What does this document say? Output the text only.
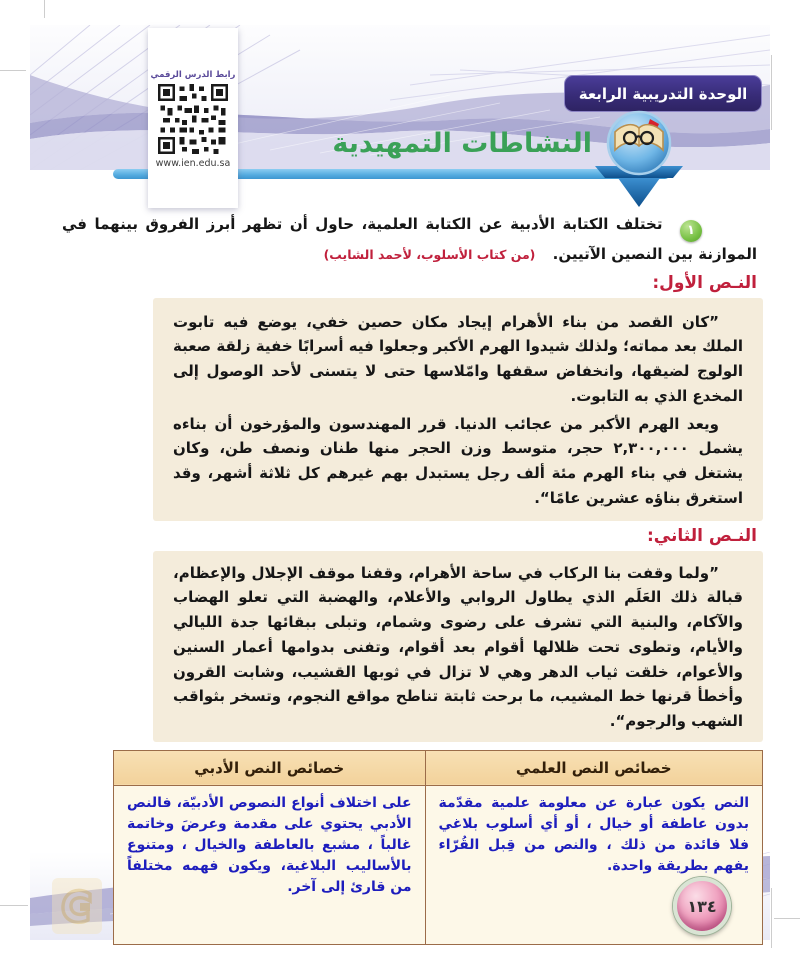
رابط الدرس الرقمي
www.ien.edu.sa
الوحدة التدريبية الرابعة
النشاطات التمهيدية
١ تختلف الكتابة الأدبية عن الكتابة العلمية، حاول أن تظهر أبرز الفروق بينهما في الموازنة بين النصين الآتيين. (من كتاب الأسلوب، لأحمد الشايب)
النـص الأول:

”كان القصد من بناء الأهرام إيجاد مكان حصين خفي، يوضع فيه تابوت الملك بعد مماته؛ ولذلك شيدوا الهرم الأكبر وجعلوا فيه أسرابًا خفية زلقة صعبة الولوج لضيقها، وانخفاض سقفها وامّلاسها حتى لا يتسنى لأحد الوصول إلى المخدع الذي به التابوت.

ويعد الهرم الأكبر من عجائب الدنيا. قرر المهندسون والمؤرخون أن بناءه يشمل ٢,٣٠٠,٠٠٠ حجر، متوسط وزن الحجر منها طنان ونصف طن، وكان يشتغل في بناء الهرم مئة ألف رجل يستبدل بهم غيرهم كل ثلاثة أشهر، وقد استغرق بناؤه عشرين عامًا“.

النـص الثاني:

”ولما وقفت بنا الركاب في ساحة الأهرام، وقفنا موقف الإجلال والإعظام، قبالة ذلك العَلَم الذي يطاول الروابي والأعلام، والهضبة التي تعلو الهضاب والآكام، والبنية التي تشرف على رضوى وشمام، وتبلى ببقائها جدة الليالي والأيام، وتطوى تحت ظلالها أقوام بعد أقوام، وتفنى بدوامها أعمار السنين والأعوام، خلقت ثياب الدهر وهي لا تزال في ثوبها القشيب، وشابت القرون وأخطأ قرنها خط المشيب، ما برحت ثابتة تناطح مواقع النجوم، وتسخر بثواقب الشهب والرجوم“.

خصائص النص العلمي	خصائص النص الأدبي
النص يكون عبارة عن معلومة علمية مقدّمة بدون عاطفة أو خيال ، أو أي أسلوب بلاغي فلا فائدة من ذلك ، والنص من قِبل القُرّاء يفهم بطريقة واحدة.	على اختلاف أنواع النصوص الأدبيّة، فالنص الأدبي يحتوي على مقدمة وعرضَ وخاتمة غالباً ، مشبع بالعاطفة والخيال ، ومتنوع بالأساليب البلاغية، ويكون فهمه مختلفاً من قارئ إلى آخر.
١٣٤
